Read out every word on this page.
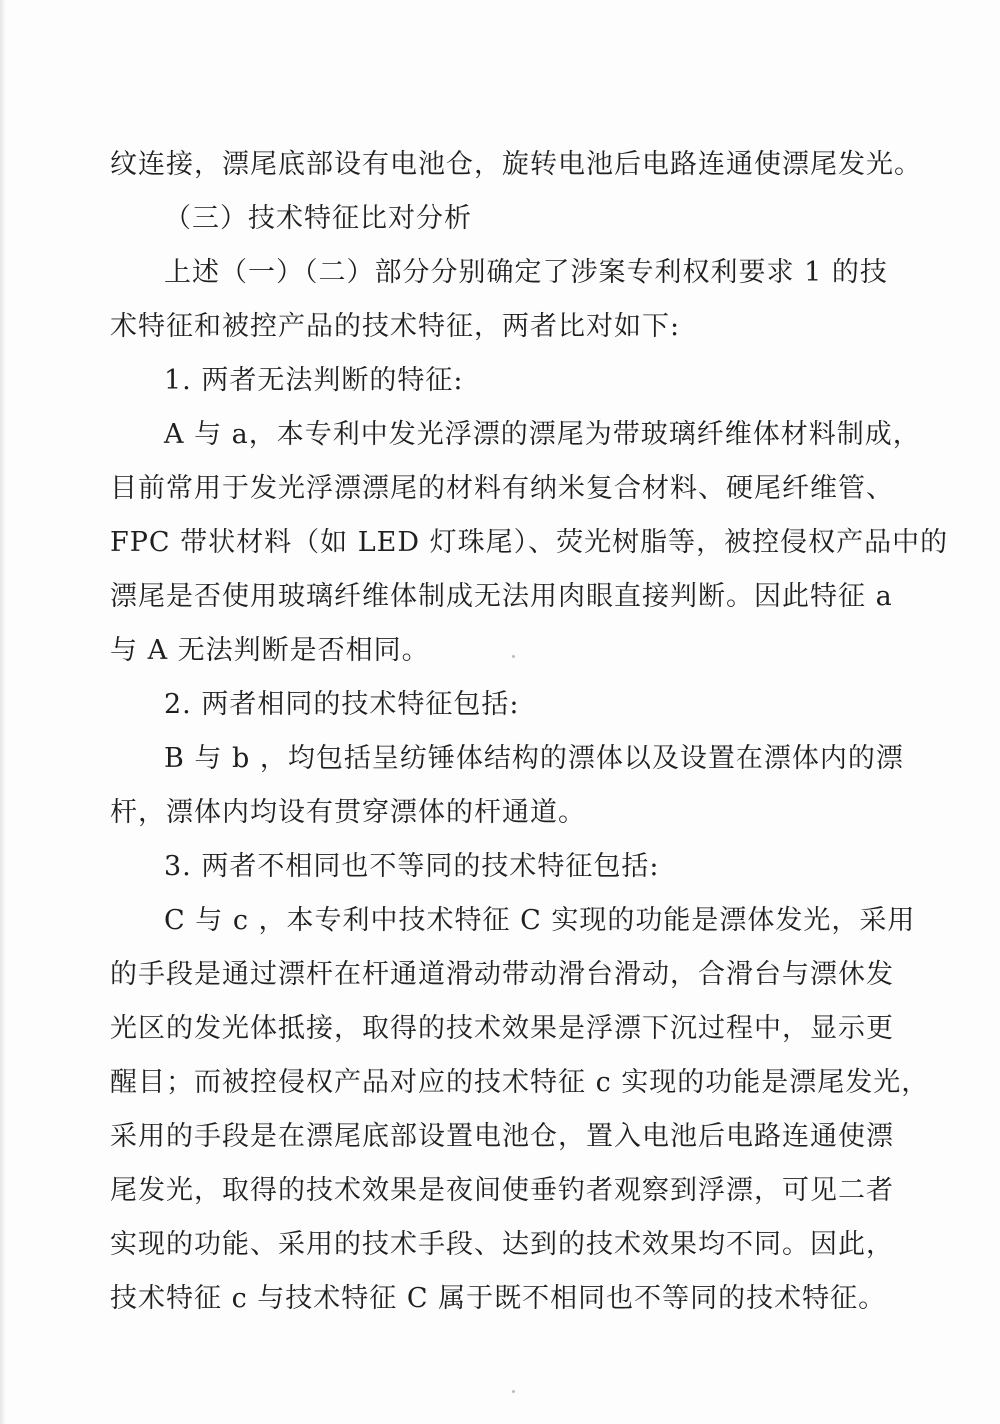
纹连接，漂尾底部设有电池仓，旋转电池后电路连通使漂尾发光。
（三）技术特征比对分析
上述（一）（二）部分分别确定了涉案专利权利要求 1 的技
术特征和被控产品的技术特征，两者比对如下:
1. 两者无法判断的特征:
A 与 a，本专利中发光浮漂的漂尾为带玻璃纤维体材料制成，
目前常用于发光浮漂漂尾的材料有纳米复合材料、硬尾纤维管、
FPC 带状材料（如 LED 灯珠尾）、荧光树脂等，被控侵权产品中的
漂尾是否使用玻璃纤维体制成无法用肉眼直接判断。因此特征 a
与 A 无法判断是否相同。
2. 两者相同的技术特征包括:
B 与 b ，均包括呈纺锤体结构的漂体以及设置在漂体内的漂
杆，漂体内均设有贯穿漂体的杆通道。
3. 两者不相同也不等同的技术特征包括:
C 与 c ，本专利中技术特征 C 实现的功能是漂体发光，采用
的手段是通过漂杆在杆通道滑动带动滑台滑动，合滑台与漂休发
光区的发光体抵接，取得的技术效果是浮漂下沉过程中，显示更
醒目；而被控侵权产品对应的技术特征 c 实现的功能是漂尾发光，
采用的手段是在漂尾底部设置电池仓，置入电池后电路连通使漂
尾发光，取得的技术效果是夜间使垂钓者观察到浮漂，可见二者
实现的功能、采用的技术手段、达到的技术效果均不同。因此，
技术特征 c 与技术特征 C 属于既不相同也不等同的技术特征。
